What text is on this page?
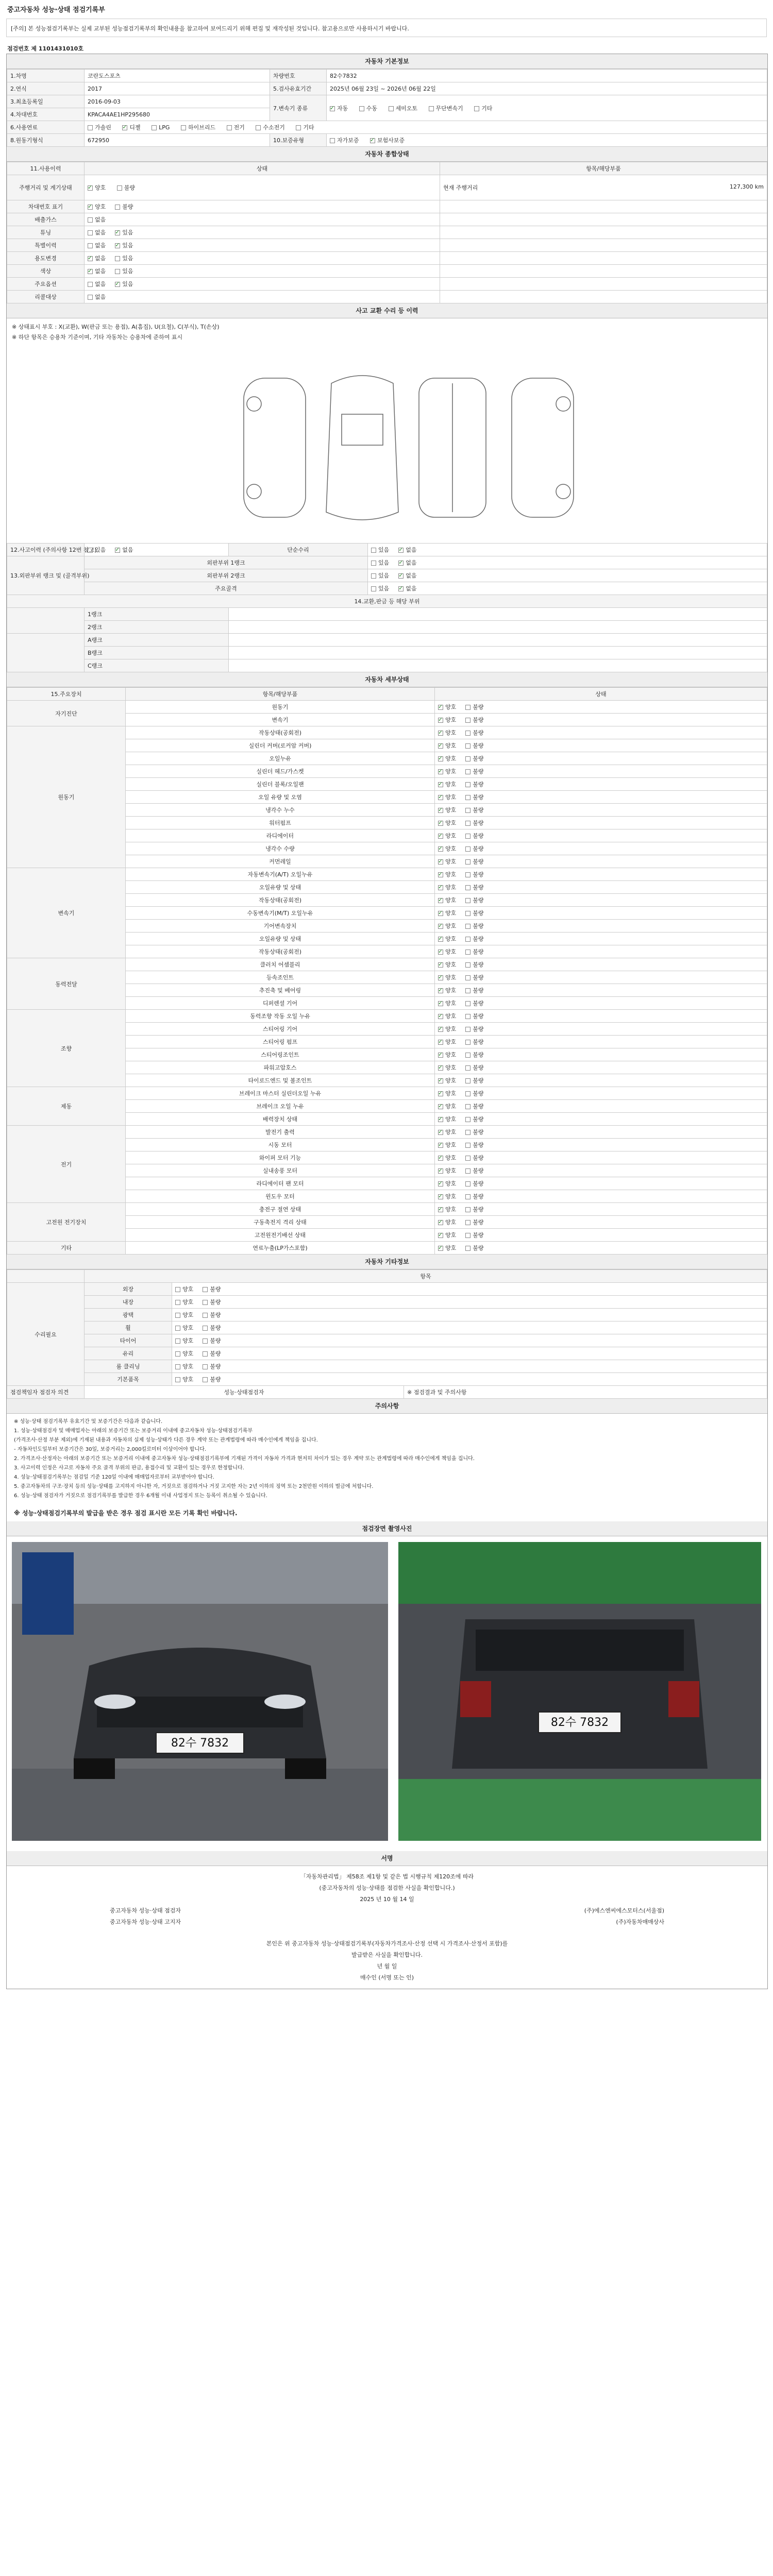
중고자동차 성능·상태 점검기록부
[주의] 본 성능점검기록부는 실제 교부된 성능점검기록부의 확인내용을 참고하여 보여드리기 위해 편집 및 재작성된 것입니다. 참고용으로만 사용하시기 바랍니다.
점검번호 제 1101431010호
자동차 기본정보
1.차명	코란도스포츠	차량번호	82수7832
2.연식	2017	5.검사유효기간	2025년 06월 23일 ~ 2026년 06월 22일
3.최초등록일	2016-09-03	7.변속기 종류	✓자동 수동 세미오토 무단변속기 기타
4.차대번호	KPACA4AE1HP295680		
6.사용연료	가솔린 ✓ 디젤 LPG 하이브리드 전기 수소전기 기타
8.원동기형식	672950	10.보증유형	자가보증 ✓ 보험사보증
자동차 종합상태
11.사용이력	상태	항목/해당부품
주행거리 및 계기상태	✓양호 불량	현재 주행거리 127,300 km

차대번호 표기	✓양호 불량	
배출가스	없음	
튜닝	없음 ✓ 있음	
특별이력	없음 ✓ 있음	
용도변경	✓없음 있음	
색상	✓없음 있음	
주요옵션	없음 ✓ 있음	
리콜대상	없음	
사고 교환 수리 등 이력

※ 상태표시 부호 : X(교환), W(판금 또는 용접), A(흠집), U(요철), C(부식), T(손상)

※ 하단 항목은 승용차 기준이며, 기타 자동차는 승용차에 준하여 표시

12.사고이력 (주의사항 12번 참고)	있음 ✓ 없음	단순수리	있음 ✓ 없음
13.외판부위 랭크 및 (골격부위)	외판부위 1랭크		있음 ✓ 없음
	외판부위 2랭크		있음 ✓ 없음
	주요골격		있음 ✓ 없음
14.교환,판금 등 해당 부위			
	1랭크		
	2랭크		
	A랭크		
	B랭크		
	C랭크		
자동차 세부상태
15.주요장치	항목/해당부품	상태
자기진단	원동기	✓양호 불량
	변속기	✓양호 불량
원동기	작동상태(공회전)	✓양호 불량
	실린더 커버(로커암 커버)	✓양호 불량
	오일누유	✓양호 불량
	실린더 헤드/가스켓	✓양호 불량
	실린더 블록/오일팬	✓양호 불량
	오일 유량 및 오염	✓양호 불량
	냉각수 누수	✓양호 불량
	워터펌프	✓양호 불량
	라디에이터	✓양호 불량
	냉각수 수량	✓양호 불량
	커먼레일	✓양호 불량
변속기	자동변속기(A/T) 오일누유	✓양호 불량
	오일유량 및 상태	✓양호 불량
	작동상태(공회전)	✓양호 불량
	수동변속기(M/T) 오일누유	✓양호 불량
	기어변속장치	✓양호 불량
	오일유량 및 상태	✓양호 불량
	작동상태(공회전)	✓양호 불량
동력전달	클러치 어셈블리	✓양호 불량
	등속조인트	✓양호 불량
	추진축 및 베어링	✓양호 불량
	디퍼렌셜 기어	✓양호 불량
조향	동력조향 작동 오일 누유	✓양호 불량
	스티어링 기어	✓양호 불량
	스티어링 펌프	✓양호 불량
	스티어링조인트	✓양호 불량
	파워고압호스	✓양호 불량
	타이로드엔드 및 볼조인트	✓양호 불량
제동	브레이크 마스터 실린더오일 누유	✓양호 불량
	브레이크 오일 누유	✓양호 불량
	배력장치 상태	✓양호 불량
전기	발전기 출력	✓양호 불량
	시동 모터	✓양호 불량
	와이퍼 모터 기능	✓양호 불량
	실내송풍 모터	✓양호 불량
	라디에이터 팬 모터	✓양호 불량
	윈도우 모터	✓양호 불량
고전원 전기장치	충전구 절연 상태	✓양호 불량
	구동축전지 격리 상태	✓양호 불량
	고전원전기배선 상태	✓양호 불량
기타	연료누출(LP가스포함)	✓양호 불량
자동차 기타정보
	항목		
수리필요	외장	양호 불량	
	내장	양호 불량	
	광택	양호 불량	
	휠	양호 불량	
	타이어	양호 불량	
	유리	양호 불량	
	룸 클리닝	양호 불량	
	기본품목	양호 불량	
점검책임자 점검자 의견	성능·상태점검자		※ 점검결과 및 주의사항
주의사항

※ 성능·상태 점검기록부 유효기간 및 보증기간은 다음과 같습니다.

1. 성능·상태점검자 및 매매업자는 아래의 보증기간 또는 보증거리 이내에 중고자동차 성능·상태점검기록부

(가격조사·산정 부분 제외)에 기재된 내용과 자동차의 실제 성능·상태가 다른 경우 계약 또는 관계법령에 따라 매수인에게 책임을 집니다.

- 자동차인도일부터 보증기간은 30일, 보증거리는 2,000킬로미터 이상이어야 합니다.

2. 가격조사·산정자는 아래의 보증기간 또는 보증거리 이내에 중고자동차 성능·상태점검기록부에 기재된 가격이 자동차 가격과 현저히 차이가 있는 경우 계약 또는 관계법령에 따라 매수인에게 책임을 집니다.

3. 사고이력 인정은 사고로 자동차 주요 골격 부위의 판금, 용접수리 및 교환이 있는 경우로 한정합니다.

4. 성능·상태점검기록부는 점검일 기준 120일 이내에 매매업자로부터 교부받아야 합니다.

5. 중고자동차의 구조·장치 등의 성능·상태를 고지하지 아니한 자, 거짓으로 점검하거나 거짓 고지한 자는 2년 이하의 징역 또는 2천만원 이하의 벌금에 처합니다.

6. 성능·상태 점검자가 거짓으로 점검기록부를 발급한 경우 6개월 이내 사업정지 또는 등록이 취소될 수 있습니다.

※ 성능·상태점검기록부의 발급을 받은 경우 점검 표시란 모든 기록 확인 바랍니다.
점검장면 촬영사진
82수 7832
82수 7832
서명
「자동차관리법」 제58조 제1항 및 같은 법 시행규칙 제120조에 따라
(중고자동차의 성능·상태를 점검한 사실을 확인합니다.)
2025 년 10 월 14 일
중고자동차 성능·상태 점검자	(주)에스엔씨에스모터스(서울점)
중고자동차 성능·상태 고지자	(주)자동차매매상사
본인은 위 중고자동차 성능·상태점검기록부(자동차가격조사·산정 선택 시 가격조사·산정서 포함)를
발급받은 사실을 확인합니다.
년 월 일
매수인 (서명 또는 인)
